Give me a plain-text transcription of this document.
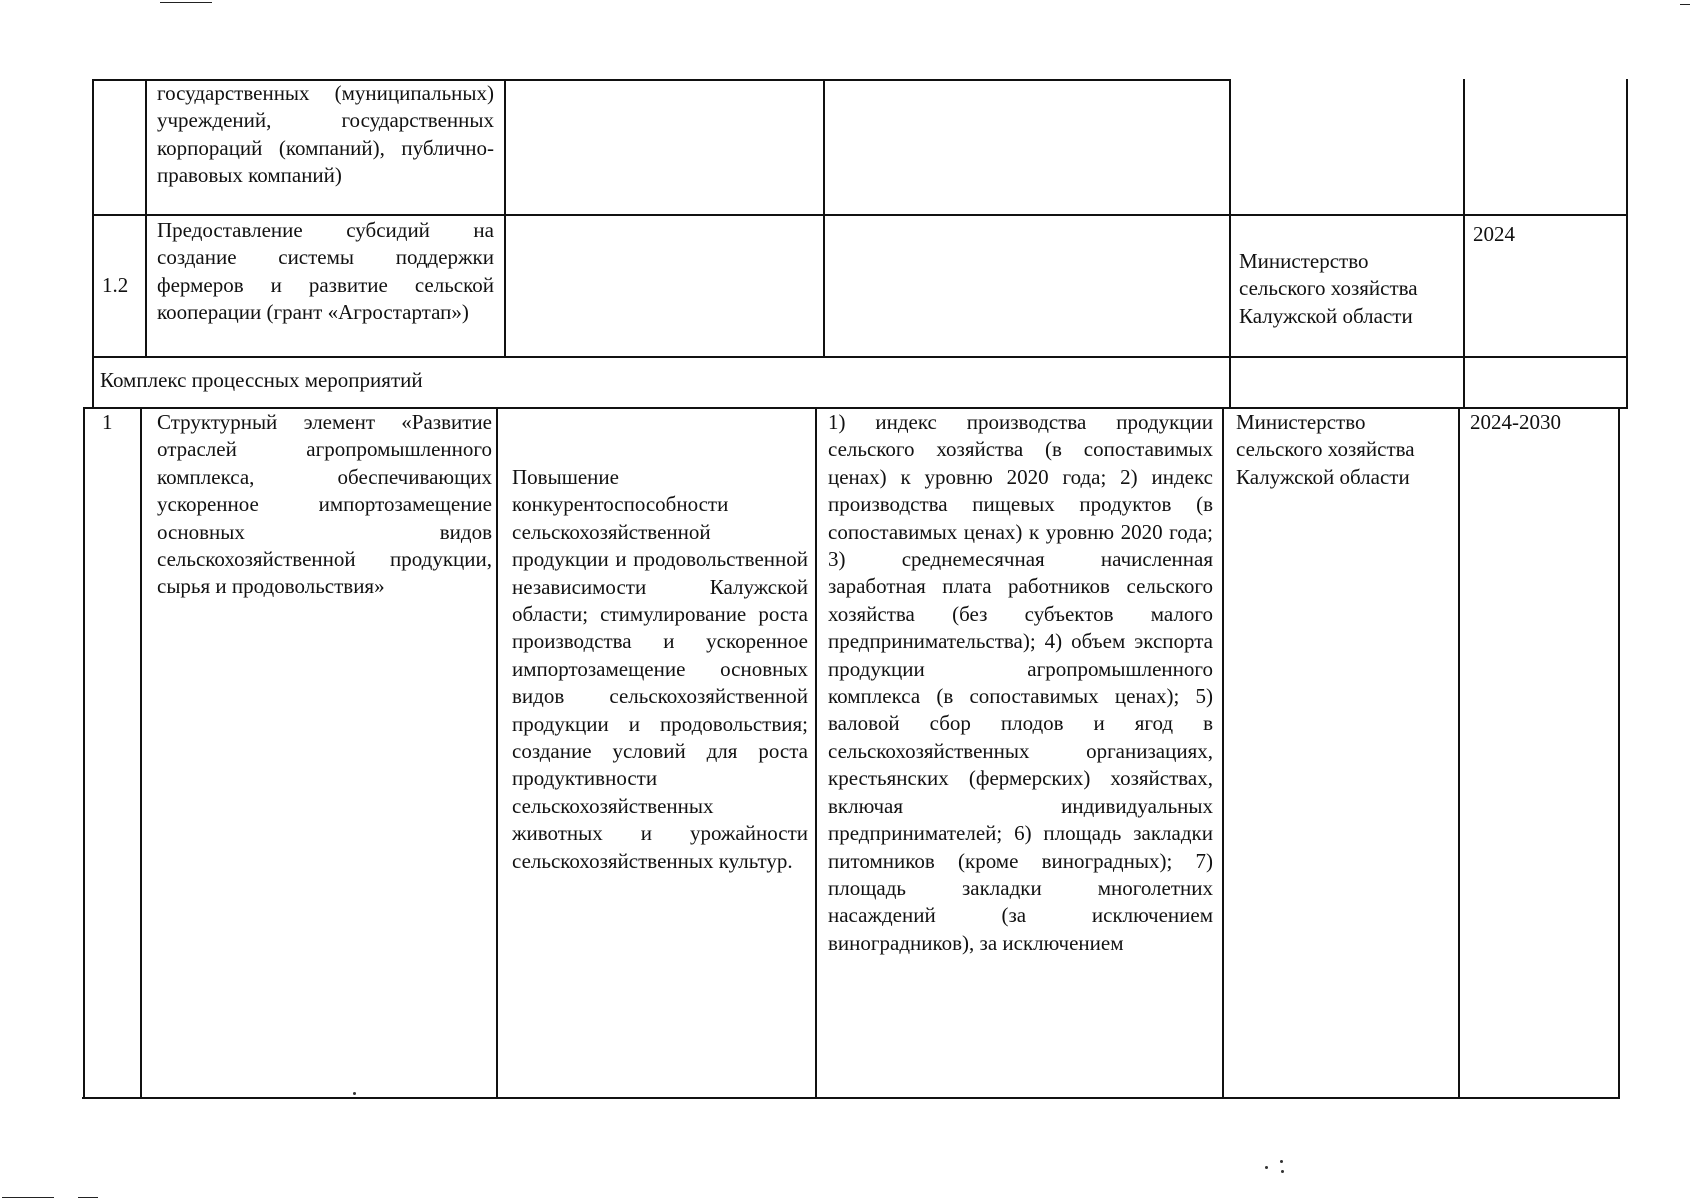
государственных (муниципальных) учреждений, государственных корпораций (компаний), публично-правовых компаний)
1.2
Предоставление субсидий на создание системы поддержки фермеров и развитие сельской кооперации (грант «Агростартап»)
Министерство сельского хозяйства Калужской области
2024
Комплекс процессных мероприятий
1 Структурный элемент «Развитие отраслей агропромышленного комплекса, обеспечивающих ускоренное импортозамещение основных видов сельскохозяйственной продукции, сырья и продовольствия»
Повышение конкурентоспособности сельскохозяйственной продукции и продовольственной независимости Калужской области; стимулирование роста производства и ускоренное импортозамещение основных видов сельскохозяйственной продукции и продовольствия; создание условий для роста продуктивности сельскохозяйственных животных и урожайности сельскохозяйственных культур.
1) индекс производства продукции сельского хозяйства (в сопоставимых ценах) к уровню 2020 года; 2) индекс производства пищевых продуктов (в сопоставимых ценах) к уровню 2020 года; 3) среднемесячная начисленная заработная плата работников сельского хозяйства (без субъектов малого предпринимательства); 4) объем экспорта продукции агропромышленного комплекса (в сопоставимых ценах); 5) валовой сбор плодов и ягод в сельскохозяйственных организациях, крестьянских (фермерских) хозяйствах, включая индивидуальных предпринимателей; 6) площадь закладки питомников (кроме виноградных); 7) площадь закладки многолетних насаждений (за исключением виноградников), за исключением
Министерство сельского хозяйства Калужской области
2024-2030
